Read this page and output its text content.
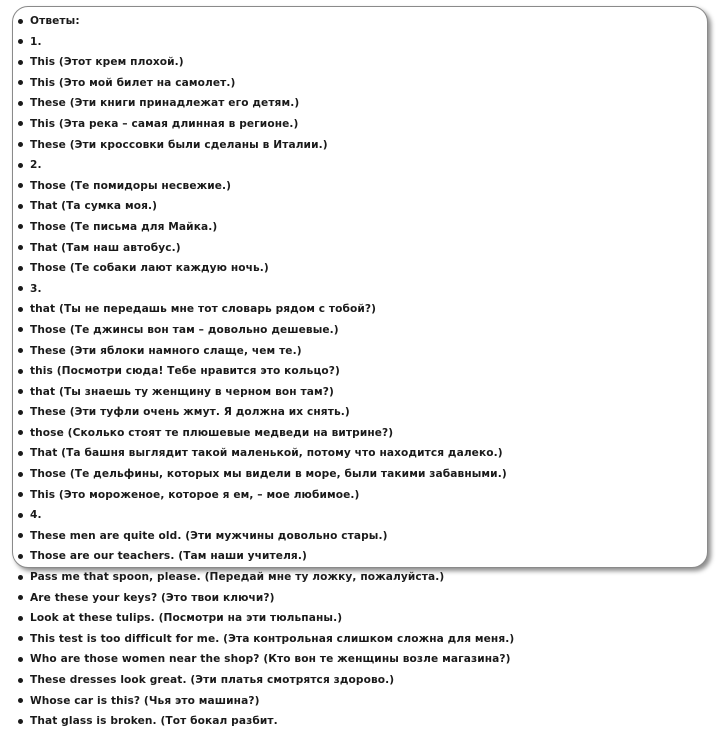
Ответы:
1.
This (Этот крем плохой.)
This (Это мой билет на самолет.)
These (Эти книги принадлежат его детям.)
This (Эта река – самая длинная в регионе.)
These (Эти кроссовки были сделаны в Италии.)
2.
Those (Те помидоры несвежие.)
That (Та сумка моя.)
Those (Те письма для Майка.)
That (Там наш автобус.)
Those (Те собаки лают каждую ночь.)
3.
that (Ты не передашь мне тот словарь рядом с тобой?)
Those (Те джинсы вон там – довольно дешевые.)
These (Эти яблоки намного слаще, чем те.)
this (Посмотри сюда! Тебе нравится это кольцо?)
that (Ты знаешь ту женщину в черном вон там?)
These (Эти туфли очень жмут. Я должна их снять.)
those (Сколько стоят те плюшевые медведи на витрине?)
That (Та башня выглядит такой маленькой, потому что находится далеко.)
Those (Те дельфины, которых мы видели в море, были такими забавными.)
This (Это мороженое, которое я ем, – мое любимое.)
4.
These men are quite old. (Эти мужчины довольно стары.)
Those are our teachers. (Там наши учителя.)
Pass me that spoon, please. (Передай мне ту ложку, пожалуйста.)
Are these your keys? (Это твои ключи?)
Look at these tulips. (Посмотри на эти тюльпаны.)
This test is too difficult for me. (Эта контрольная слишком сложна для меня.)
Who are those women near the shop? (Кто вон те женщины возле магазина?)
These dresses look great. (Эти платья смотрятся здорово.)
Whose car is this? (Чья это машина?)
That glass is broken. (Тот бокал разбит.
